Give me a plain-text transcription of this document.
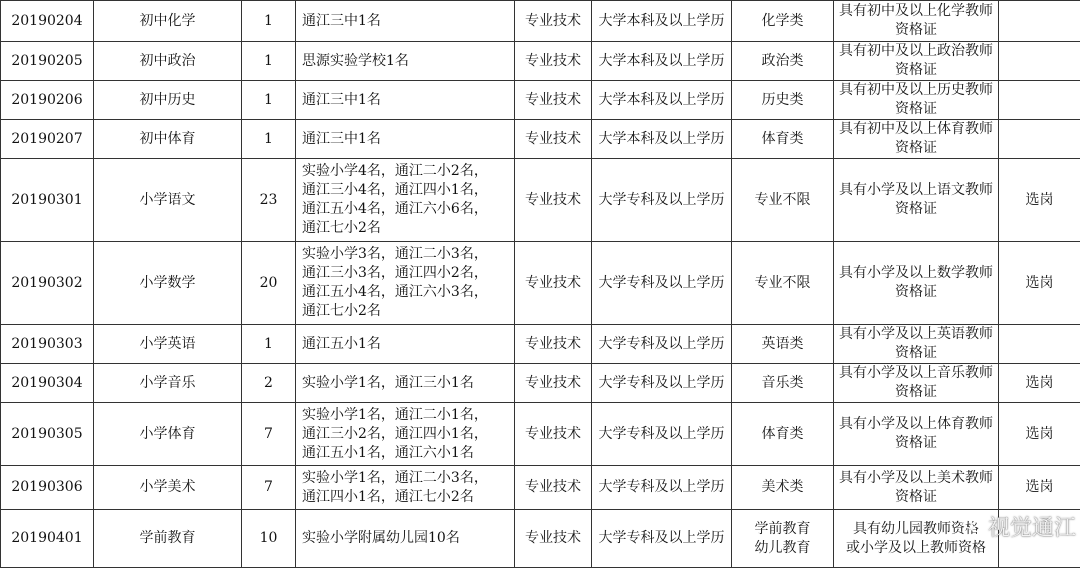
20190204	初中化学	1	通江三中1名	专业技术	大学本科及以上学历	化学类	具有初中及以上化学教师资格证	

20190205	初中政治	1	思源实验学校1名	专业技术	大学本科及以上学历	政治类	具有初中及以上政治教师资格证	

20190206	初中历史	1	通江三中1名	专业技术	大学本科及以上学历	历史类	具有初中及以上历史教师资格证	

20190207	初中体育	1	通江三中1名	专业技术	大学本科及以上学历	体育类	具有初中及以上体育教师资格证	

20190301	小学语文	23	实验小学4名，通江二小2名，
通江三小4名，通江四小1名，
通江五小4名，通江六小6名，
通江七小2名	专业技术	大学专科及以上学历	专业不限	具有小学及以上语文教师资格证	选岗
20190302	小学数学	20	实验小学3名，通江二小3名，
通江三小3名，通江四小2名，
通江五小4名，通江六小3名，
通江七小2名	专业技术	大学专科及以上学历	专业不限	具有小学及以上数学教师资格证	选岗
20190303	小学英语	1	通江五小1名	专业技术	大学专科及以上学历	英语类	具有小学及以上英语教师资格证	

20190304	小学音乐	2	实验小学1名，通江三小1名	专业技术	大学专科及以上学历	音乐类	具有小学及以上音乐教师资格证	选岗
20190305	小学体育	7	实验小学1名，通江二小1名，
通江三小2名，通江四小1名，
通江五小1名，通江六小1名	专业技术	大学专科及以上学历	体育类	具有小学及以上体育教师资格证	选岗
20190306	小学美术	7	实验小学1名，通江二小3名，
通江四小1名，通江七小2名	专业技术	大学专科及以上学历	美术类	具有小学及以上美术教师资格证	选岗
20190401	学前教育	10	实验小学附属幼儿园10名	专业技术	大学专科及以上学历	学前教育
幼儿教育	具有幼儿园教师资格
或小学及以上教师资格	

视觉通江
